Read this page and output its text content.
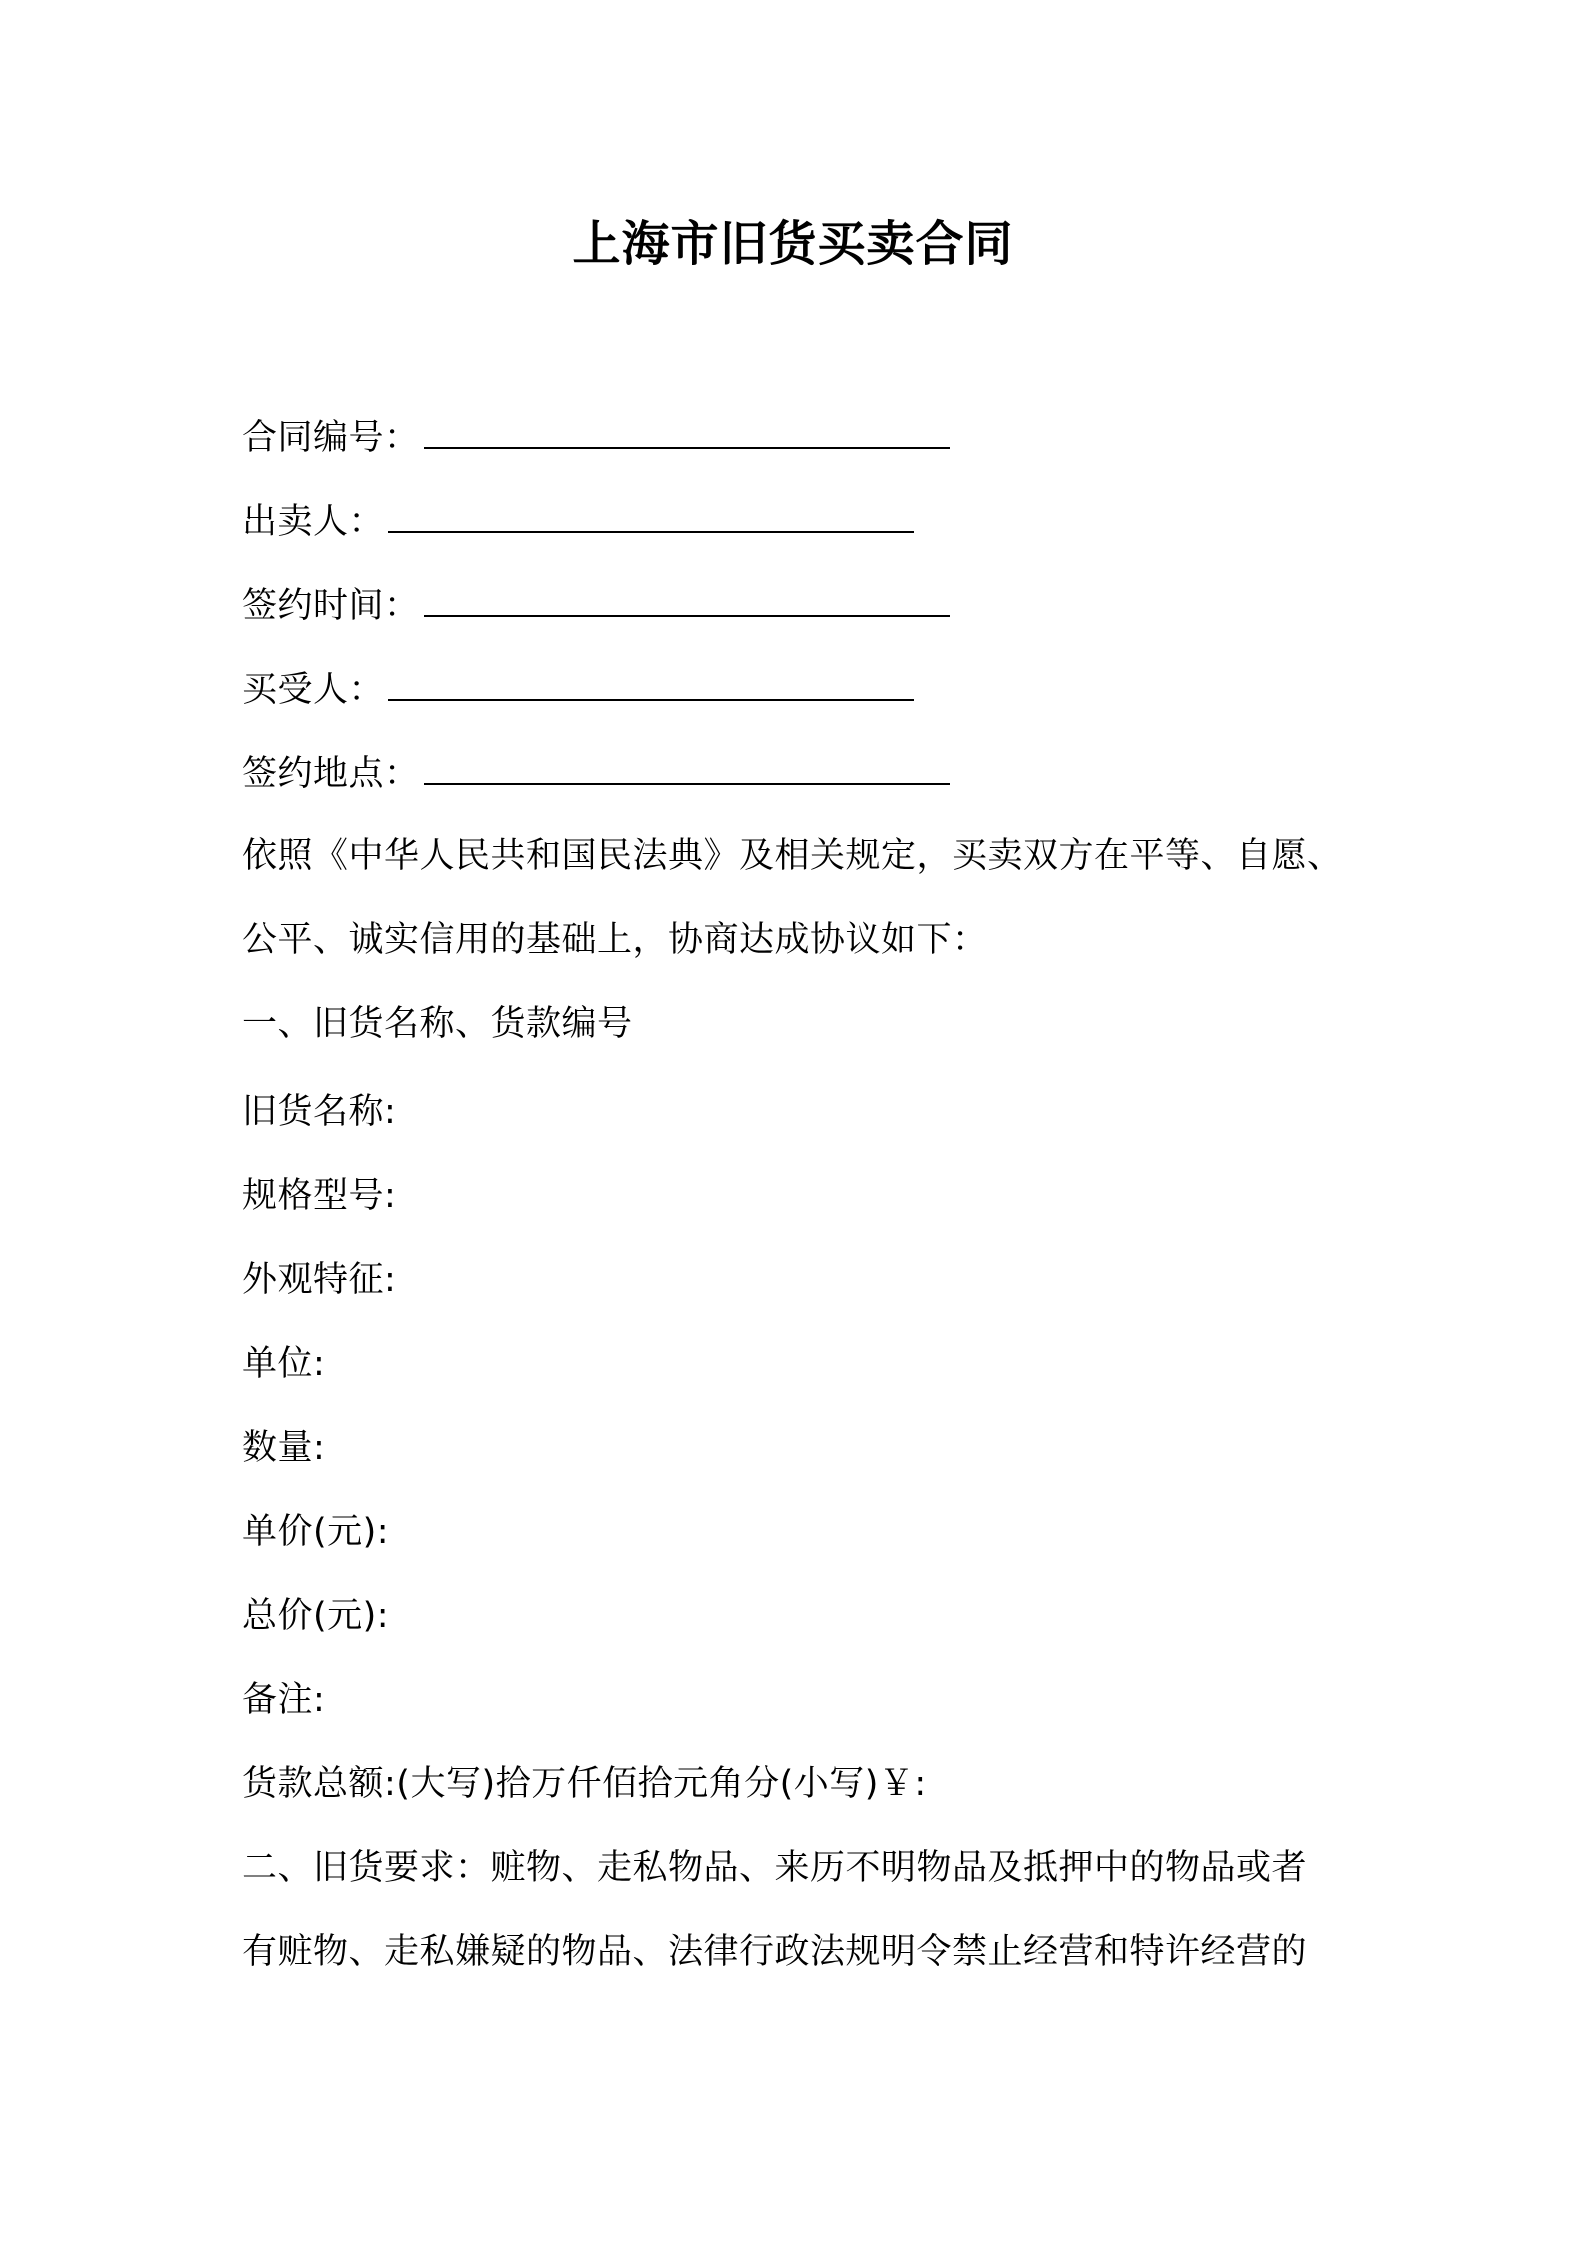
上海市旧货买卖合同
合同编号：
出卖人：
签约时间：
买受人：
签约地点：
依照《中华人民共和国民法典》及相关规定，买卖双方在平等、自愿、
公平、诚实信用的基础上，协商达成协议如下：
一、旧货名称、货款编号
旧货名称:
规格型号:
外观特征:
单位:
数量:
单价(元):
总价(元):
备注:
货款总额:(大写)拾万仟佰拾元角分(小写)￥:
二、旧货要求：赃物、走私物品、来历不明物品及抵押中的物品或者
有赃物、走私嫌疑的物品、法律行政法规明令禁止经营和特许经营的
